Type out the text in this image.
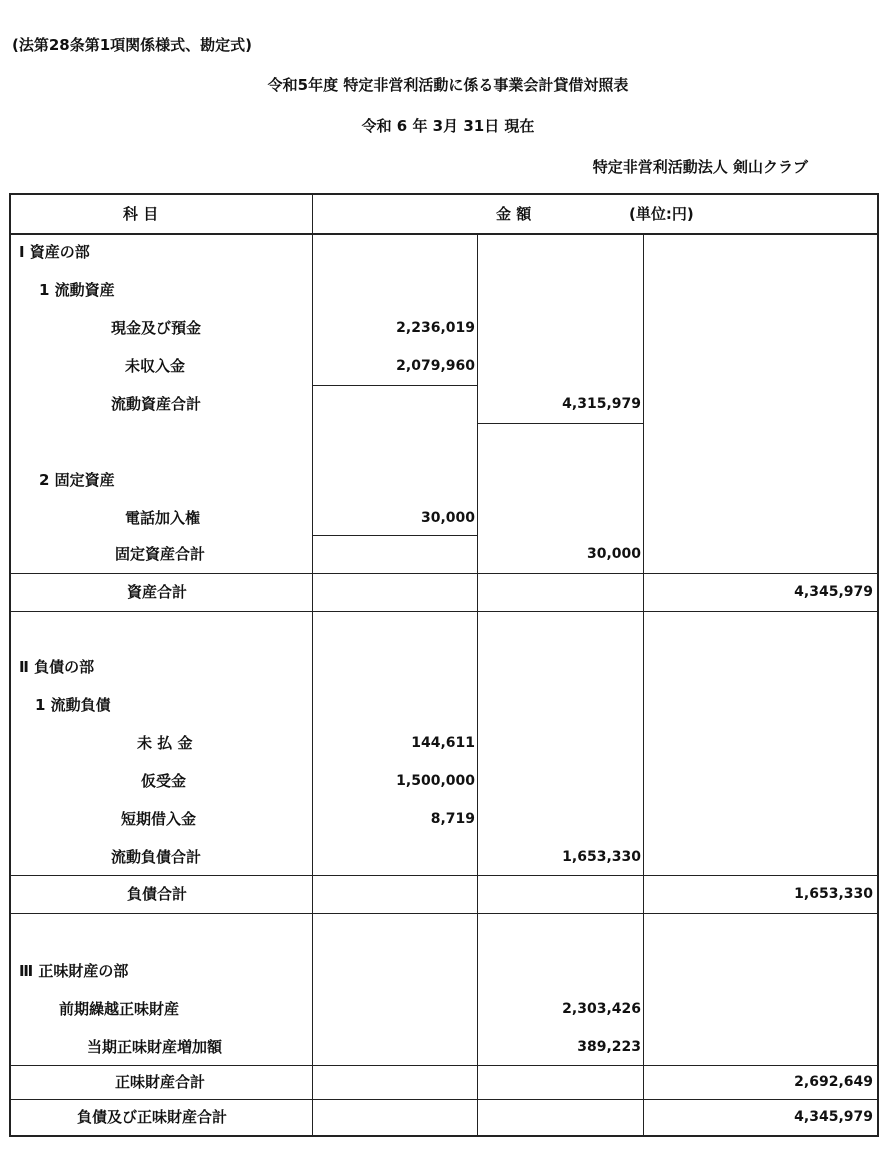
(法第28条第1項関係様式、勘定式)
令和5年度 特定非営利活動に係る事業会計貸借対照表
令和 6 年 3月 31日 現在
特定非営利活動法人 剣山クラブ
科 目	金 額	(単位:円)
Ⅰ 資産の部
1 流動資産
現金及び預金	2,236,019
未収入金	2,079,960
流動資産合計	4,315,979
2 固定資産
電話加入権	30,000
固定資産合計	30,000
資産合計	4,345,979
Ⅱ 負債の部
1 流動負債
未 払 金	144,611
仮受金	1,500,000
短期借入金	8,719
流動負債合計	1,653,330
負債合計	1,653,330
Ⅲ 正味財産の部
前期繰越正味財産	2,303,426
当期正味財産増加額	389,223
正味財産合計	2,692,649
負債及び正味財産合計	4,345,979
